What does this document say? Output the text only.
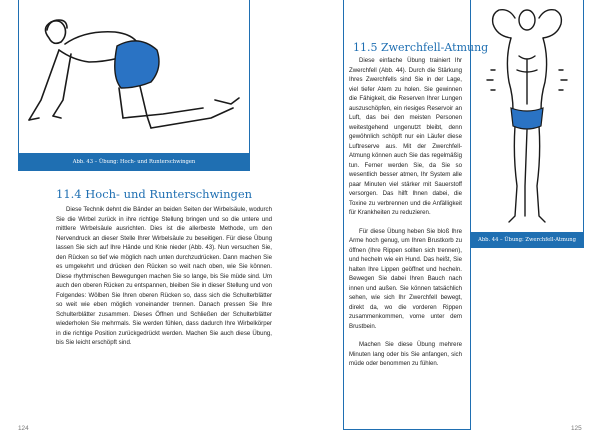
Abb. 43 – Übung: Hoch- und Runterschwingen
11.4 Hoch- und Runterschwingen

Diese Technik dehnt die Bänder an beiden Seiten der Wirbelsäule, wodurch Sie die Wirbel zurück in ihre richtige Stellung bringen und so die untere und mittlere Wirbelsäule ausrichten. Dies ist die allerbeste Methode, um den Nervendruck an dieser Stelle Ihrer Wirbelsäule zu beseitigen. Für diese Übung lassen Sie sich auf Ihre Hände und Knie nieder (Abb. 43). Nun versuchen Sie, den Rücken so tief wie möglich nach unten durchzudrücken. Dann machen Sie es umgekehrt und drücken den Rücken so weit nach oben, wie Sie können. Diese rhythmischen Bewegungen machen Sie so lange, bis Sie müde sind. Um auch den oberen Rücken zu entspannen, bleiben Sie in dieser Stellung und von Folgendes: Wölben Sie Ihren oberen Rücken so, dass sich die Schulterblätter so weit wie eben möglich voneinander trennen. Danach pressen Sie Ihre Schulterblätter zusammen. Dieses Öffnen und Schließen der Schulterblätter wiederholen Sie mehrmals. Sie werden fühlen, dass dadurch Ihre Wirbelkörper in die richtige Position zurückgedrückt werden. Machen Sie auch diese Übung, bis Sie leicht erschöpft sind.

124
11.5 Zwerchfell-Atmung

Diese einfache Übung trainiert Ihr Zwerchfell (Abb. 44). Durch die Stärkung Ihres Zwerchfells sind Sie in der Lage, viel tiefer Atem zu holen. Sie gewinnen die Fähigkeit, die Reserven Ihrer Lungen auszuschöpfen, ein riesiges Reservoir an Luft, das bei den meisten Personen weitestgehend ungenutzt bleibt, denn gewöhnlich schöpft nur ein Läufer diese Luftreserve aus. Mit der Zwerchfell-Atmung können auch Sie das regelmäßig tun. Ferner werden Sie, da Sie so wesentlich besser atmen, Ihr System alle paar Minuten viel stärker mit Sauerstoff versorgen. Das hilft Ihnen dabei, die Toxine zu verbrennen und die Anfälligkeit für Krankheiten zu reduzieren.

Für diese Übung heben Sie bloß Ihre Arme hoch genug, um Ihren Brustkorb zu öffnen (Ihre Rippen sollten sich trennen), und hecheln wie ein Hund. Das heißt, Sie halten Ihre Lippen geöffnet und hecheln. Bewegen Sie dabei Ihren Bauch nach innen und außen. Sie können tatsächlich sehen, wie sich Ihr Zwerchfell bewegt, direkt da, wo die vorderen Rippen zusammenkommen, vorne unter dem Brustbein.

Machen Sie diese Übung mehrere Minuten lang oder bis Sie anfangen, sich müde oder benommen zu fühlen.

Abb. 44 – Übung: Zwerchfell-Atmung
125
